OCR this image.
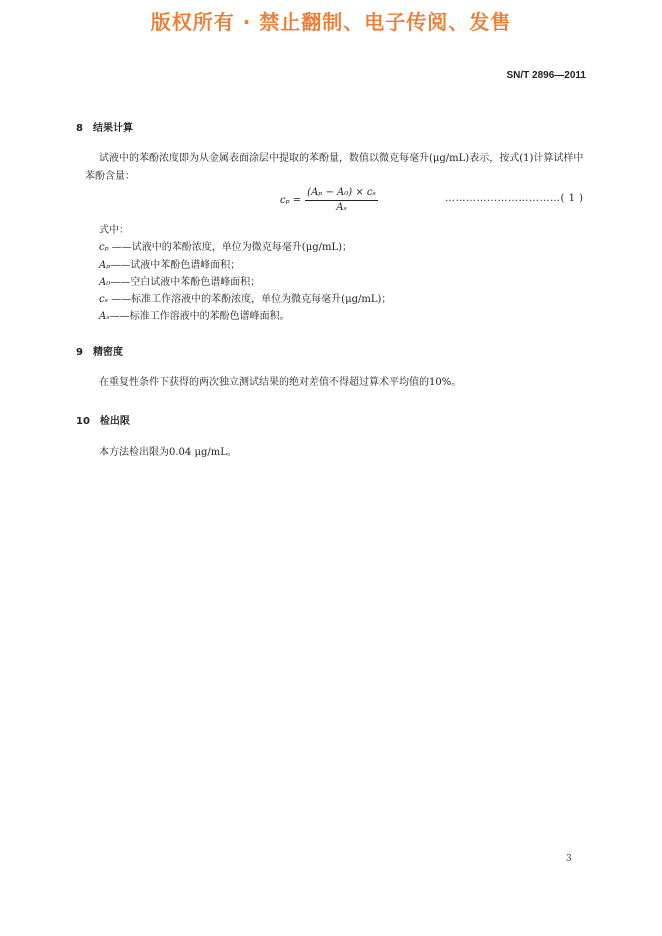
版权所有 · 禁止翻制、电子传阅、发售
SN/T 2896—2011
8 结果计算
试液中的苯酚浓度即为从金属表面涂层中提取的苯酚量，数值以微克每毫升(μg/mL)表示，按式(1)计算试样中苯酚含量：
$c_p = \frac{\text{(Aₚ − A₀) × cₛ}}{\text{Aₛ}}$	……………………………( 1 )
式中：
cₚ ——试液中的苯酚浓度，单位为微克每毫升(μg/mL)；
Aₚ——试液中苯酚色谱峰面积；
A₀——空白试液中苯酚色谱峰面积；
cₛ ——标准工作溶液中的苯酚浓度，单位为微克每毫升(μg/mL)；
Aₛ——标准工作溶液中的苯酚色谱峰面积。
9 精密度
在重复性条件下获得的两次独立测试结果的绝对差值不得超过算术平均值的10%。
10 检出限
本方法检出限为0.04 μg/mL。
3
